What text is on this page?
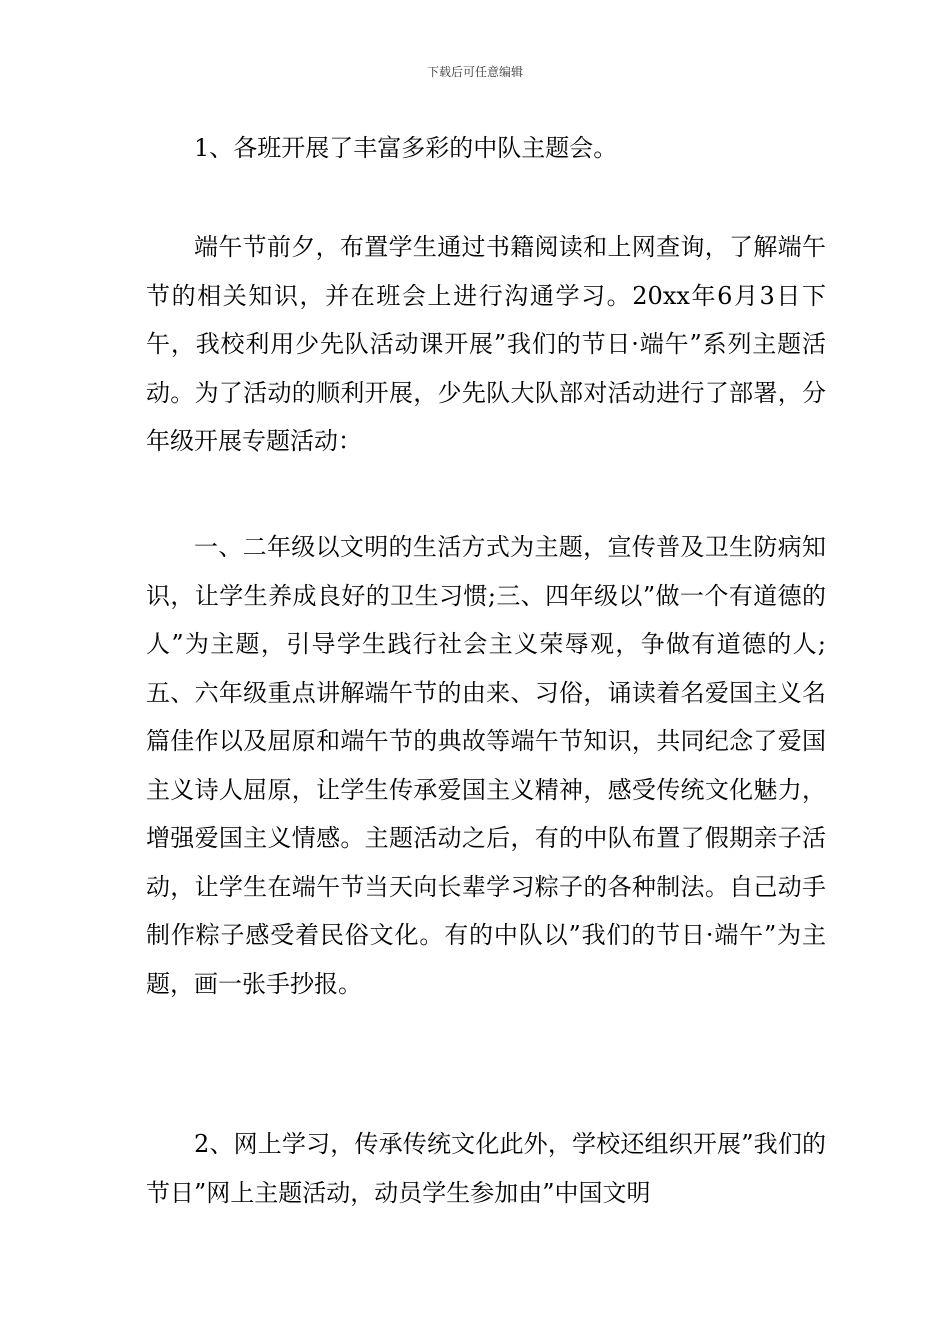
下载后可任意编辑

1、各班开展了丰富多彩的中队主题会。

端午节前夕，布置学生通过书籍阅读和上网查询，了解端午节的相关知识，并在班会上进行沟通学习。20xx年6月3日下午，我校利用少先队活动课开展”我们的节日·端午”系列主题活动。为了活动的顺利开展，少先队大队部对活动进行了部署，分年级开展专题活动：

一、二年级以文明的生活方式为主题，宣传普及卫生防病知识，让学生养成良好的卫生习惯;三、四年级以”做一个有道德的人”为主题，引导学生践行社会主义荣辱观，争做有道德的人;五、六年级重点讲解端午节的由来、习俗，诵读着名爱国主义名篇佳作以及屈原和端午节的典故等端午节知识，共同纪念了爱国主义诗人屈原，让学生传承爱国主义精神，感受传统文化魅力，增强爱国主义情感。主题活动之后，有的中队布置了假期亲子活动，让学生在端午节当天向长辈学习粽子的各种制法。自己动手制作粽子感受着民俗文化。有的中队以”我们的节日·端午”为主题，画一张手抄报。

2、网上学习，传承传统文化此外，学校还组织开展”我们的节日”网上主题活动，动员学生参加由”中国文明
